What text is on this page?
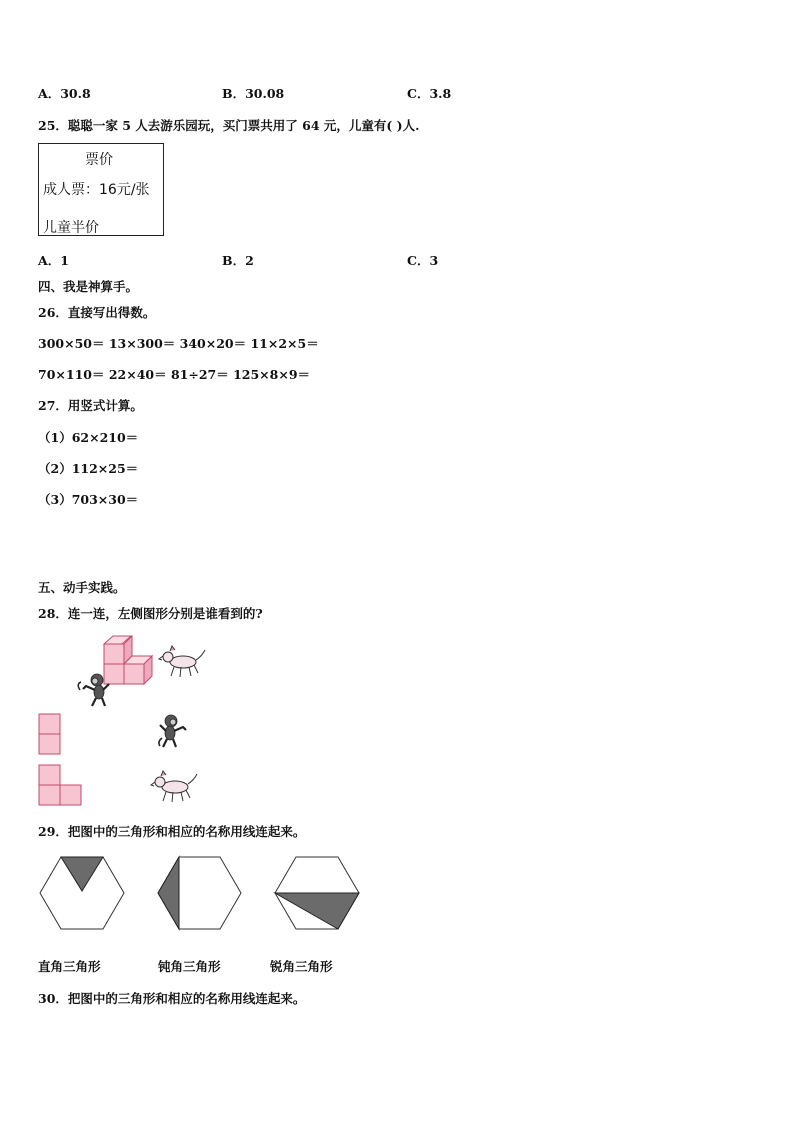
A．30.8	B．30.08	C．3.8
25．聪聪一家 5 人去游乐园玩，买门票共用了 64 元，儿童有( )人.
票价
成人票：16元/张
儿童半价
A．1	B．2	C．3
四、我是神算手。
26．直接写出得数。
300×50＝ 13×300＝ 340×20＝ 11×2×5＝
70×110＝ 22×40＝ 81÷27＝ 125×8×9＝
27．用竖式计算。
（1）62×210＝
（2）112×25＝
（3）703×30＝
五、动手实践。
28．连一连，左侧图形分别是谁看到的?
29．把图中的三角形和相应的名称用线连起来。
直角三角形	钝角三角形	锐角三角形
30．把图中的三角形和相应的名称用线连起来。
